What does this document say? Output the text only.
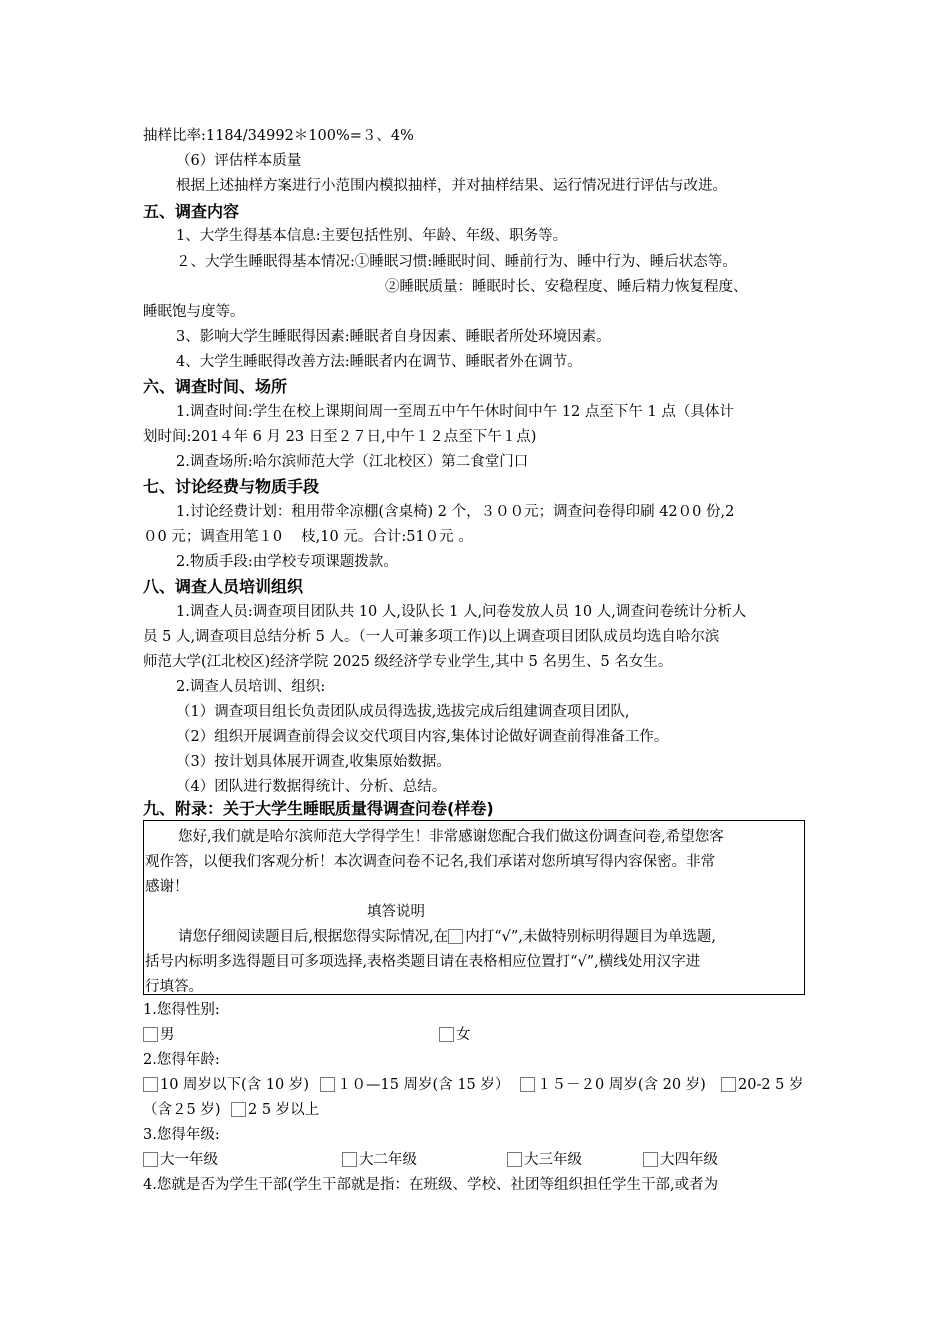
抽样比率:1184/34992＊100%=３、4%
（6）评估样本质量
根据上述抽样方案进行小范围内模拟抽样，并对抽样结果、运行情况进行评估与改进。
五、调查内容
1、大学生得基本信息:主要包括性别、年龄、年级、职务等。
２、大学生睡眠得基本情况:①睡眠习惯:睡眠时间、睡前行为、睡中行为、睡后状态等。
②睡眠质量：睡眠时长、安稳程度、睡后精力恢复程度、
睡眠饱与度等。
3、影响大学生睡眠得因素:睡眠者自身因素、睡眠者所处环境因素。
4、大学生睡眠得改善方法:睡眠者内在调节、睡眠者外在调节。
六、调查时间、场所
1.调查时间:学生在校上课期间周一至周五中午午休时间中午 12 点至下午 1 点（具体计
划时间:201４年 6 月 23 日至２７日,中午１２点至下午１点)
2.调查场所:哈尔滨师范大学（江北校区）第二食堂门口
七、讨论经费与物质手段
1.讨论经费计划：租用带伞凉棚(含桌椅) 2 个，３００元；调查问卷得印刷 42０0 份,2
０0 元；调查用笔１0　 枝,10 元。合计:51０元 。
2.物质手段:由学校专项课题拨款。
八、调查人员培训组织
1.调查人员:调查项目团队共 10 人,设队长 1 人,问卷发放人员 10 人,调查问卷统计分析人
员 5 人,调查项目总结分析 5 人。（一人可兼多项工作)以上调查项目团队成员均选自哈尔滨
师范大学(江北校区)经济学院 2025 级经济学专业学生,其中 5 名男生、5 名女生。
2.调查人员培训、组织:
（1）调查项目组长负责团队成员得选拔,选拔完成后组建调查项目团队,
（2）组织开展调查前得会议交代项目内容,集体讨论做好调查前得准备工作。
（3）按计划具体展开调查,收集原始数据。
（4）团队进行数据得统计、分析、总结。
九、附录：关于大学生睡眠质量得调查问卷(样卷)
您好,我们就是哈尔滨师范大学得学生！非常感谢您配合我们做这份调查问卷,希望您客
观作答，以便我们客观分析！本次调查问卷不记名,我们承诺对您所填写得内容保密。非常
感谢！
填答说明
请您仔细阅读题目后,根据您得实际情况,在 内打“√”,未做特别标明得题目为单选题,
括号内标明多选得题目可多项选择,表格类题目请在表格相应位置打“√”,横线处用汉字进
行填答。
1.您得性别:
男	女
2.您得年龄:
10 周岁以下(含 10 岁)	１０—15 周岁(含 15 岁）	１５－２0 周岁(含 20 岁)	20-2 5 岁
（含２5 岁)	2 5 岁以上
3.您得年级:
大一年级	大二年级	大三年级	大四年级
4.您就是否为学生干部(学生干部就是指：在班级、学校、社团等组织担任学生干部,或者为
